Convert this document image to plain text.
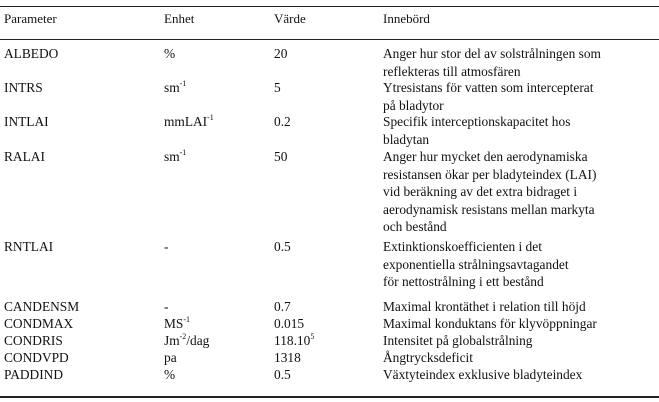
Parameter	Enhet	Värde	Innebörd
ALBEDO	%	20	Anger hur stor del av solstrålningen som
reflekteras till atmosfären
INTRS	$sm^{-1}$	5	Ytresistans för vatten som intercepterat
på bladytor
INTLAI	mmLAI$^{-1}$	0.2	Specifik interceptionskapacitet hos
bladytan
RALAI	$sm^{-1}$	50	Anger hur mycket den aerodynamiska
resistansen ökar per bladyteindex (LAI)
vid beräkning av det extra bidraget i
aerodynamisk resistans mellan markyta
och bestånd
RNTLAI	-	0.5	Extinktionskoefficienten i det
exponentiella strålningsavtagandet
för nettostrålning i ett bestånd
CANDENSM	-	0.7	Maximal krontäthet i relation till höjd
CONDMAX	$MS^{-1}$	0.015	Maximal konduktans för klyvöppningar
CONDRIS	$Jm^{-2}$/dag	118.10$^5$	Intensitet på globalstrålning
CONDVPD	pa	1318	Ångtrycksdeficit
PADDIND	%	0.5	Växtyteindex exklusive bladyteindex
